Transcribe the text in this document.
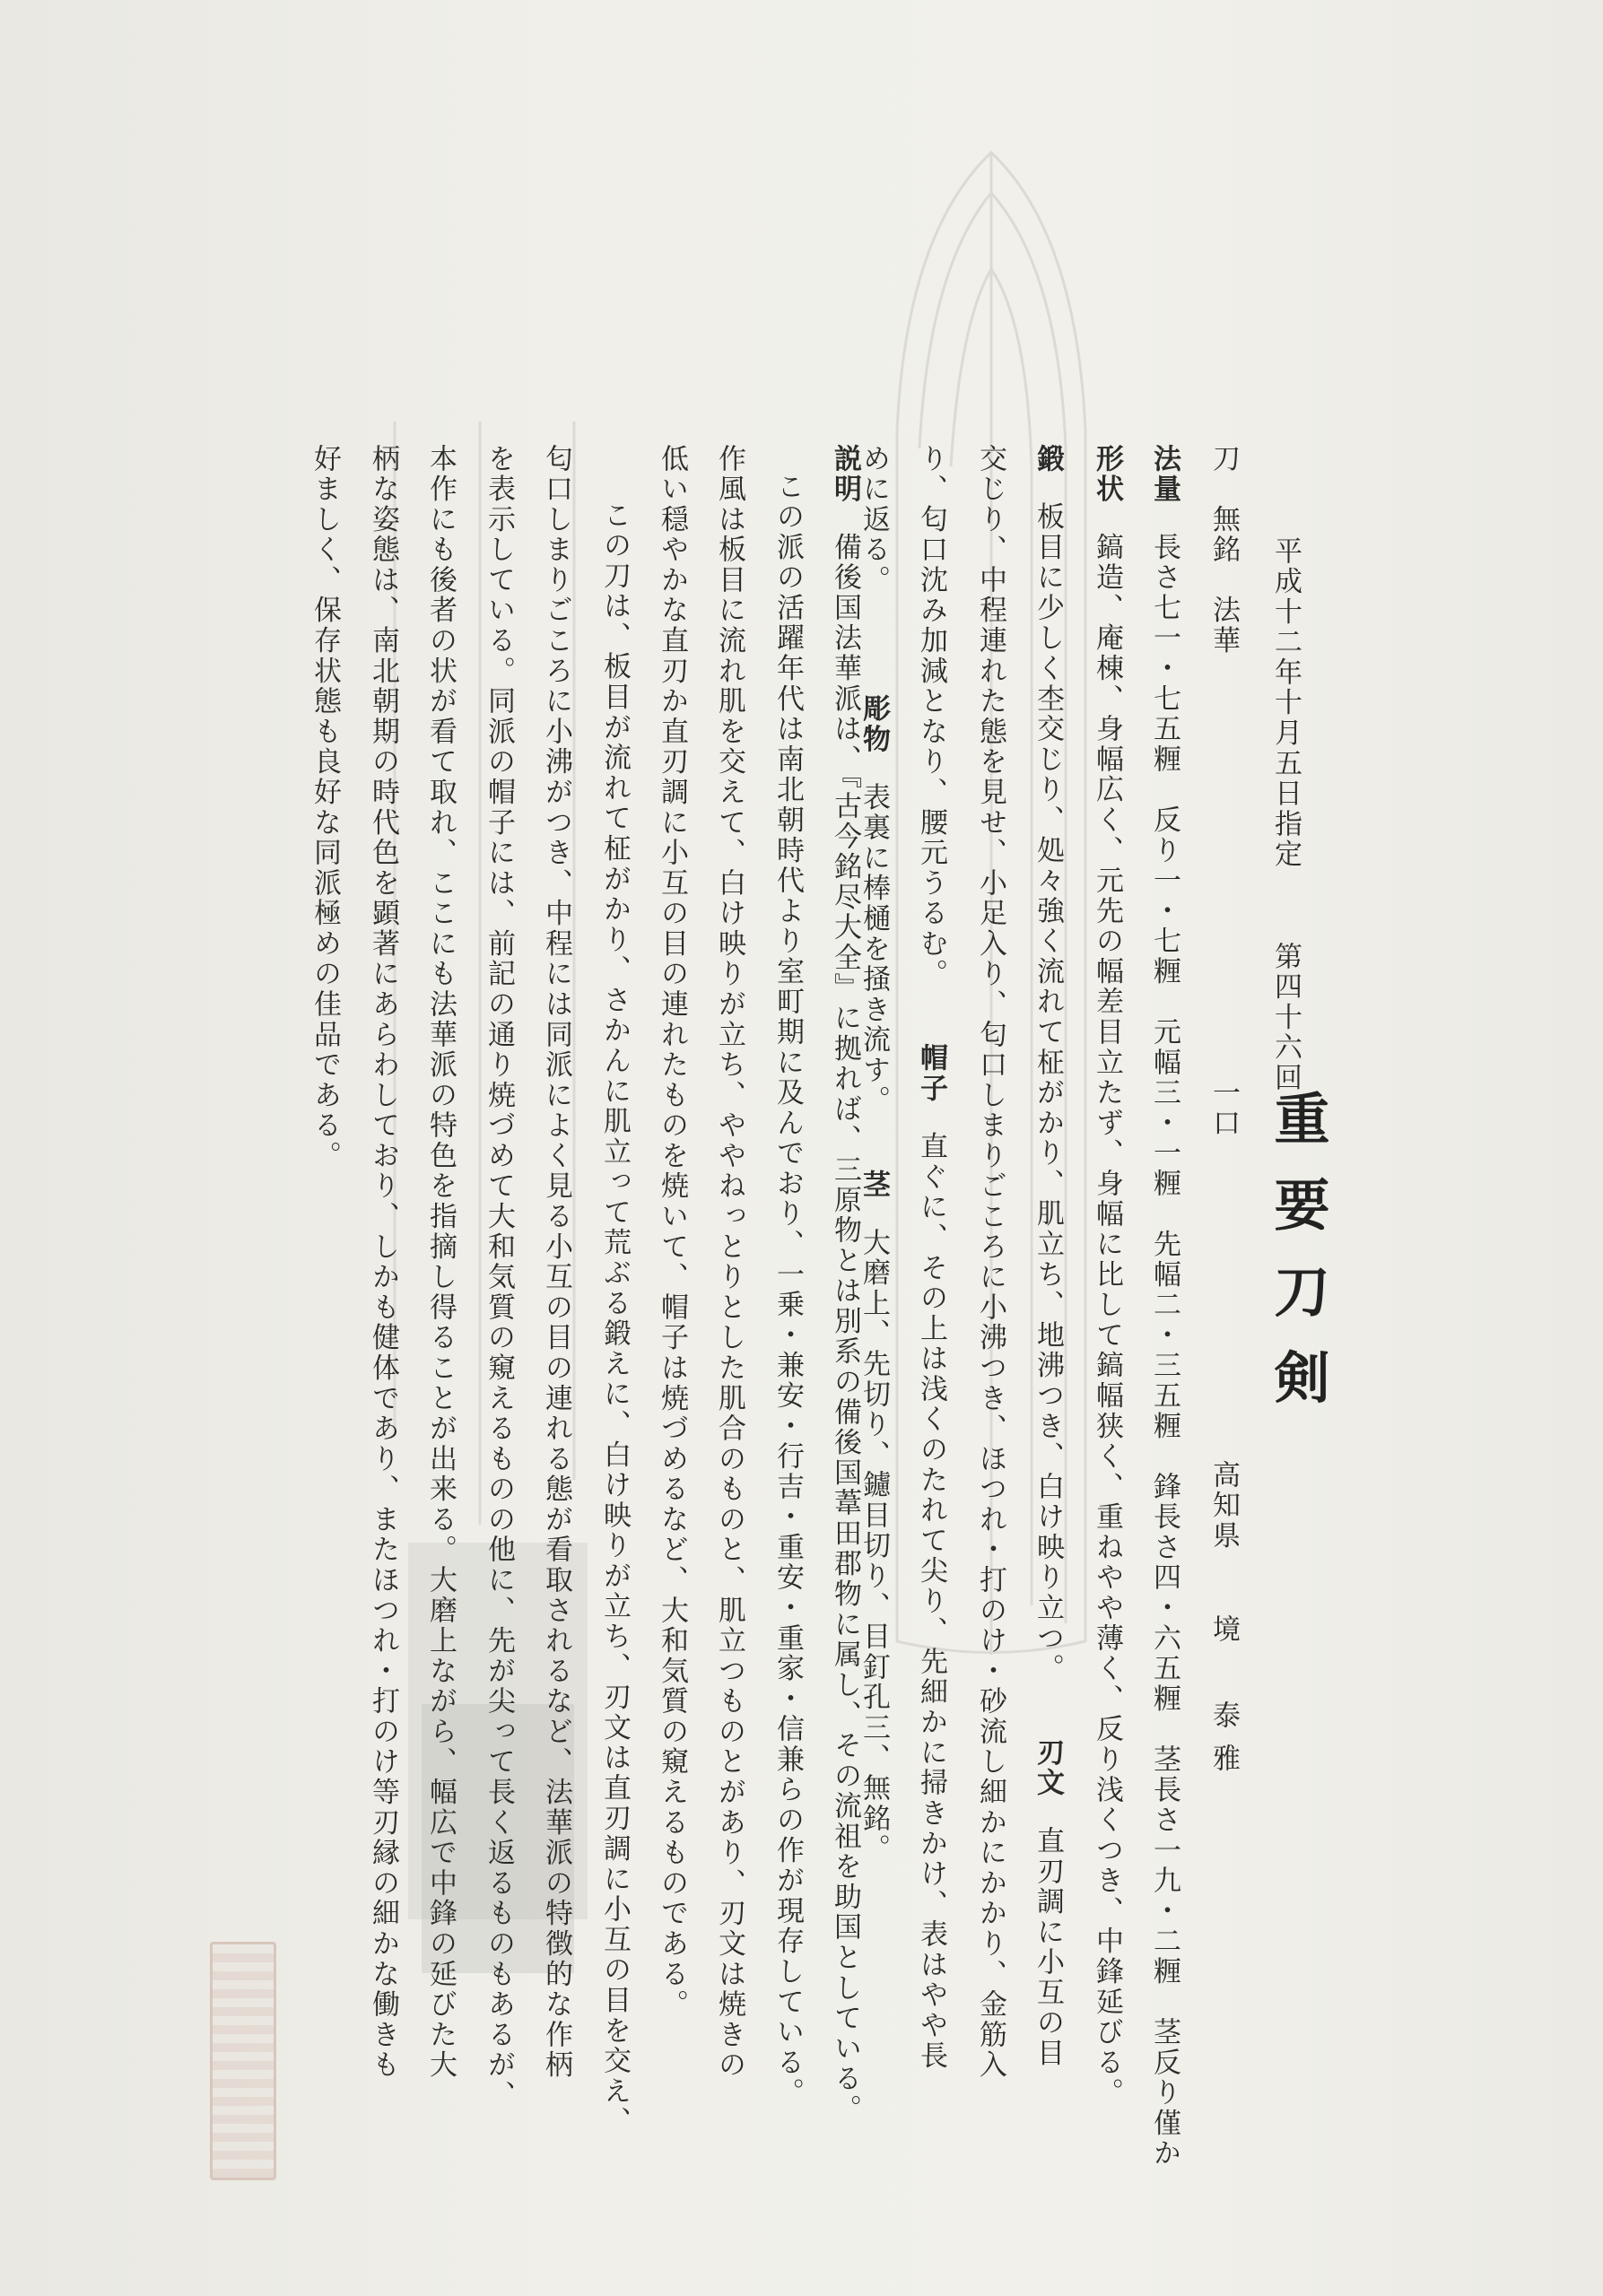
平成十二年十月五日指定
第四十六回
重要刀剣
刀　無銘　法華
一口
高知県
境　泰雅
法量長さ七一・七五糎　反り一・七糎　元幅三・一糎　先幅二・三五糎　鋒長さ四・六五糎　茎長さ一九・二糎　茎反り僅か
形状鎬造、庵棟、身幅広く、元先の幅差目立たず、身幅に比して鎬幅狭く、重ねやや薄く、反り浅くつき、中鋒延びる。
鍛板目に少しく杢交じり、処々強く流れて柾がかり、肌立ち、地沸つき、白け映り立つ。刃文直刃調に小互の目
交じり、中程連れた態を見せ、小足入り、匂口しまりごころに小沸つき、ほつれ・打のけ・砂流し細かにかかり、金筋入
り、匂口沈み加減となり、腰元うるむ。帽子直ぐに、その上は浅くのたれて尖り、先細かに掃きかけ、表はやや長
めに返る。彫物表裏に棒樋を掻き流す。茎大磨上、先切り、鑢目切り、目釘孔三、無銘。
説明備後国法華派は、『古今銘尽大全』に拠れば、三原物とは別系の備後国葦田郡物に属し、その流祖を助国としている。
この派の活躍年代は南北朝時代より室町期に及んでおり、一乗・兼安・行吉・重安・重家・信兼らの作が現存している。
作風は板目に流れ肌を交えて、白け映りが立ち、ややねっとりとした肌合のものと、肌立つものとがあり、刃文は焼きの
低い穏やかな直刃か直刃調に小互の目の連れたものを焼いて、帽子は焼づめるなど、大和気質の窺えるものである。
この刀は、板目が流れて柾がかり、さかんに肌立って荒ぶる鍛えに、白け映りが立ち、刃文は直刃調に小互の目を交え、
匂口しまりごころに小沸がつき、中程には同派によく見る小互の目の連れる態が看取されるなど、法華派の特徴的な作柄
を表示している。同派の帽子には、前記の通り焼づめて大和気質の窺えるものの他に、先が尖って長く返るものもあるが、
本作にも後者の状が看て取れ、ここにも法華派の特色を指摘し得ることが出来る。大磨上ながら、幅広で中鋒の延びた大
柄な姿態は、南北朝期の時代色を顕著にあらわしており、しかも健体であり、またほつれ・打のけ等刃縁の細かな働きも
好ましく、保存状態も良好な同派極めの佳品である。
